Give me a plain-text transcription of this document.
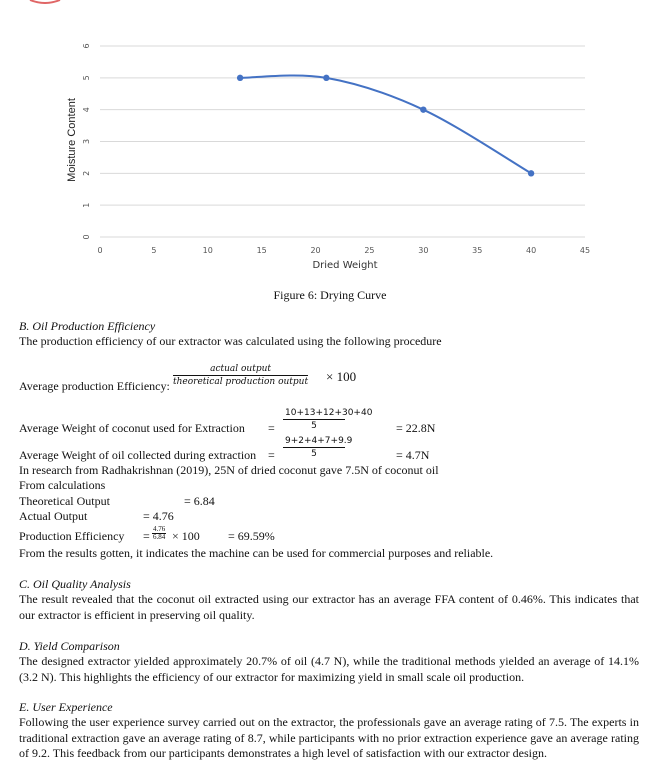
0
1
2
3
4
5
6
0	5	10	15	20	25	30	35	40	45
Dried Weight
Moisture Content
Figure 6: Drying Curve
B. Oil Production Efficiency
The production efficiency of our extractor was calculated using the following procedure
Average production Efficiency:
actual output
theoretical production output × 100
Average Weight of coconut used for Extraction = $\frac{10+13+12+30+40}{5}$	= 22.8N
$\frac{9+2+4+7+9.9}{5}$
Average Weight of oil collected during extraction =	= 4.7N
In research from Radhakrishnan (2019), 25N of dried coconut gave 7.5N of coconut oil
From calculations
Theoretical Output	= 6.84
Actual Output	= 4.76
Production Efficiency = $\frac{4.76}{6.84} \times 100 = 69.59\%$
From the results gotten, it indicates the machine can be used for commercial purposes and reliable.
C. Oil Quality Analysis
The result revealed that the coconut oil extracted using our extractor has an average FFA content of 0.46%. This indicates that our extractor is efficient in preserving oil quality.
D. Yield Comparison
The designed extractor yielded approximately 20.7% of oil (4.7 N), while the traditional methods yielded an average of 14.1% (3.2 N). This highlights the efficiency of our extractor for maximizing yield in small scale oil production.
E. User Experience
Following the user experience survey carried out on the extractor, the professionals gave an average rating of 7.5. The experts in traditional extraction gave an average rating of 8.7, while participants with no prior extraction experience gave an average rating of 9.2. This feedback from our participants demonstrates a high level of satisfaction with our extractor design.
